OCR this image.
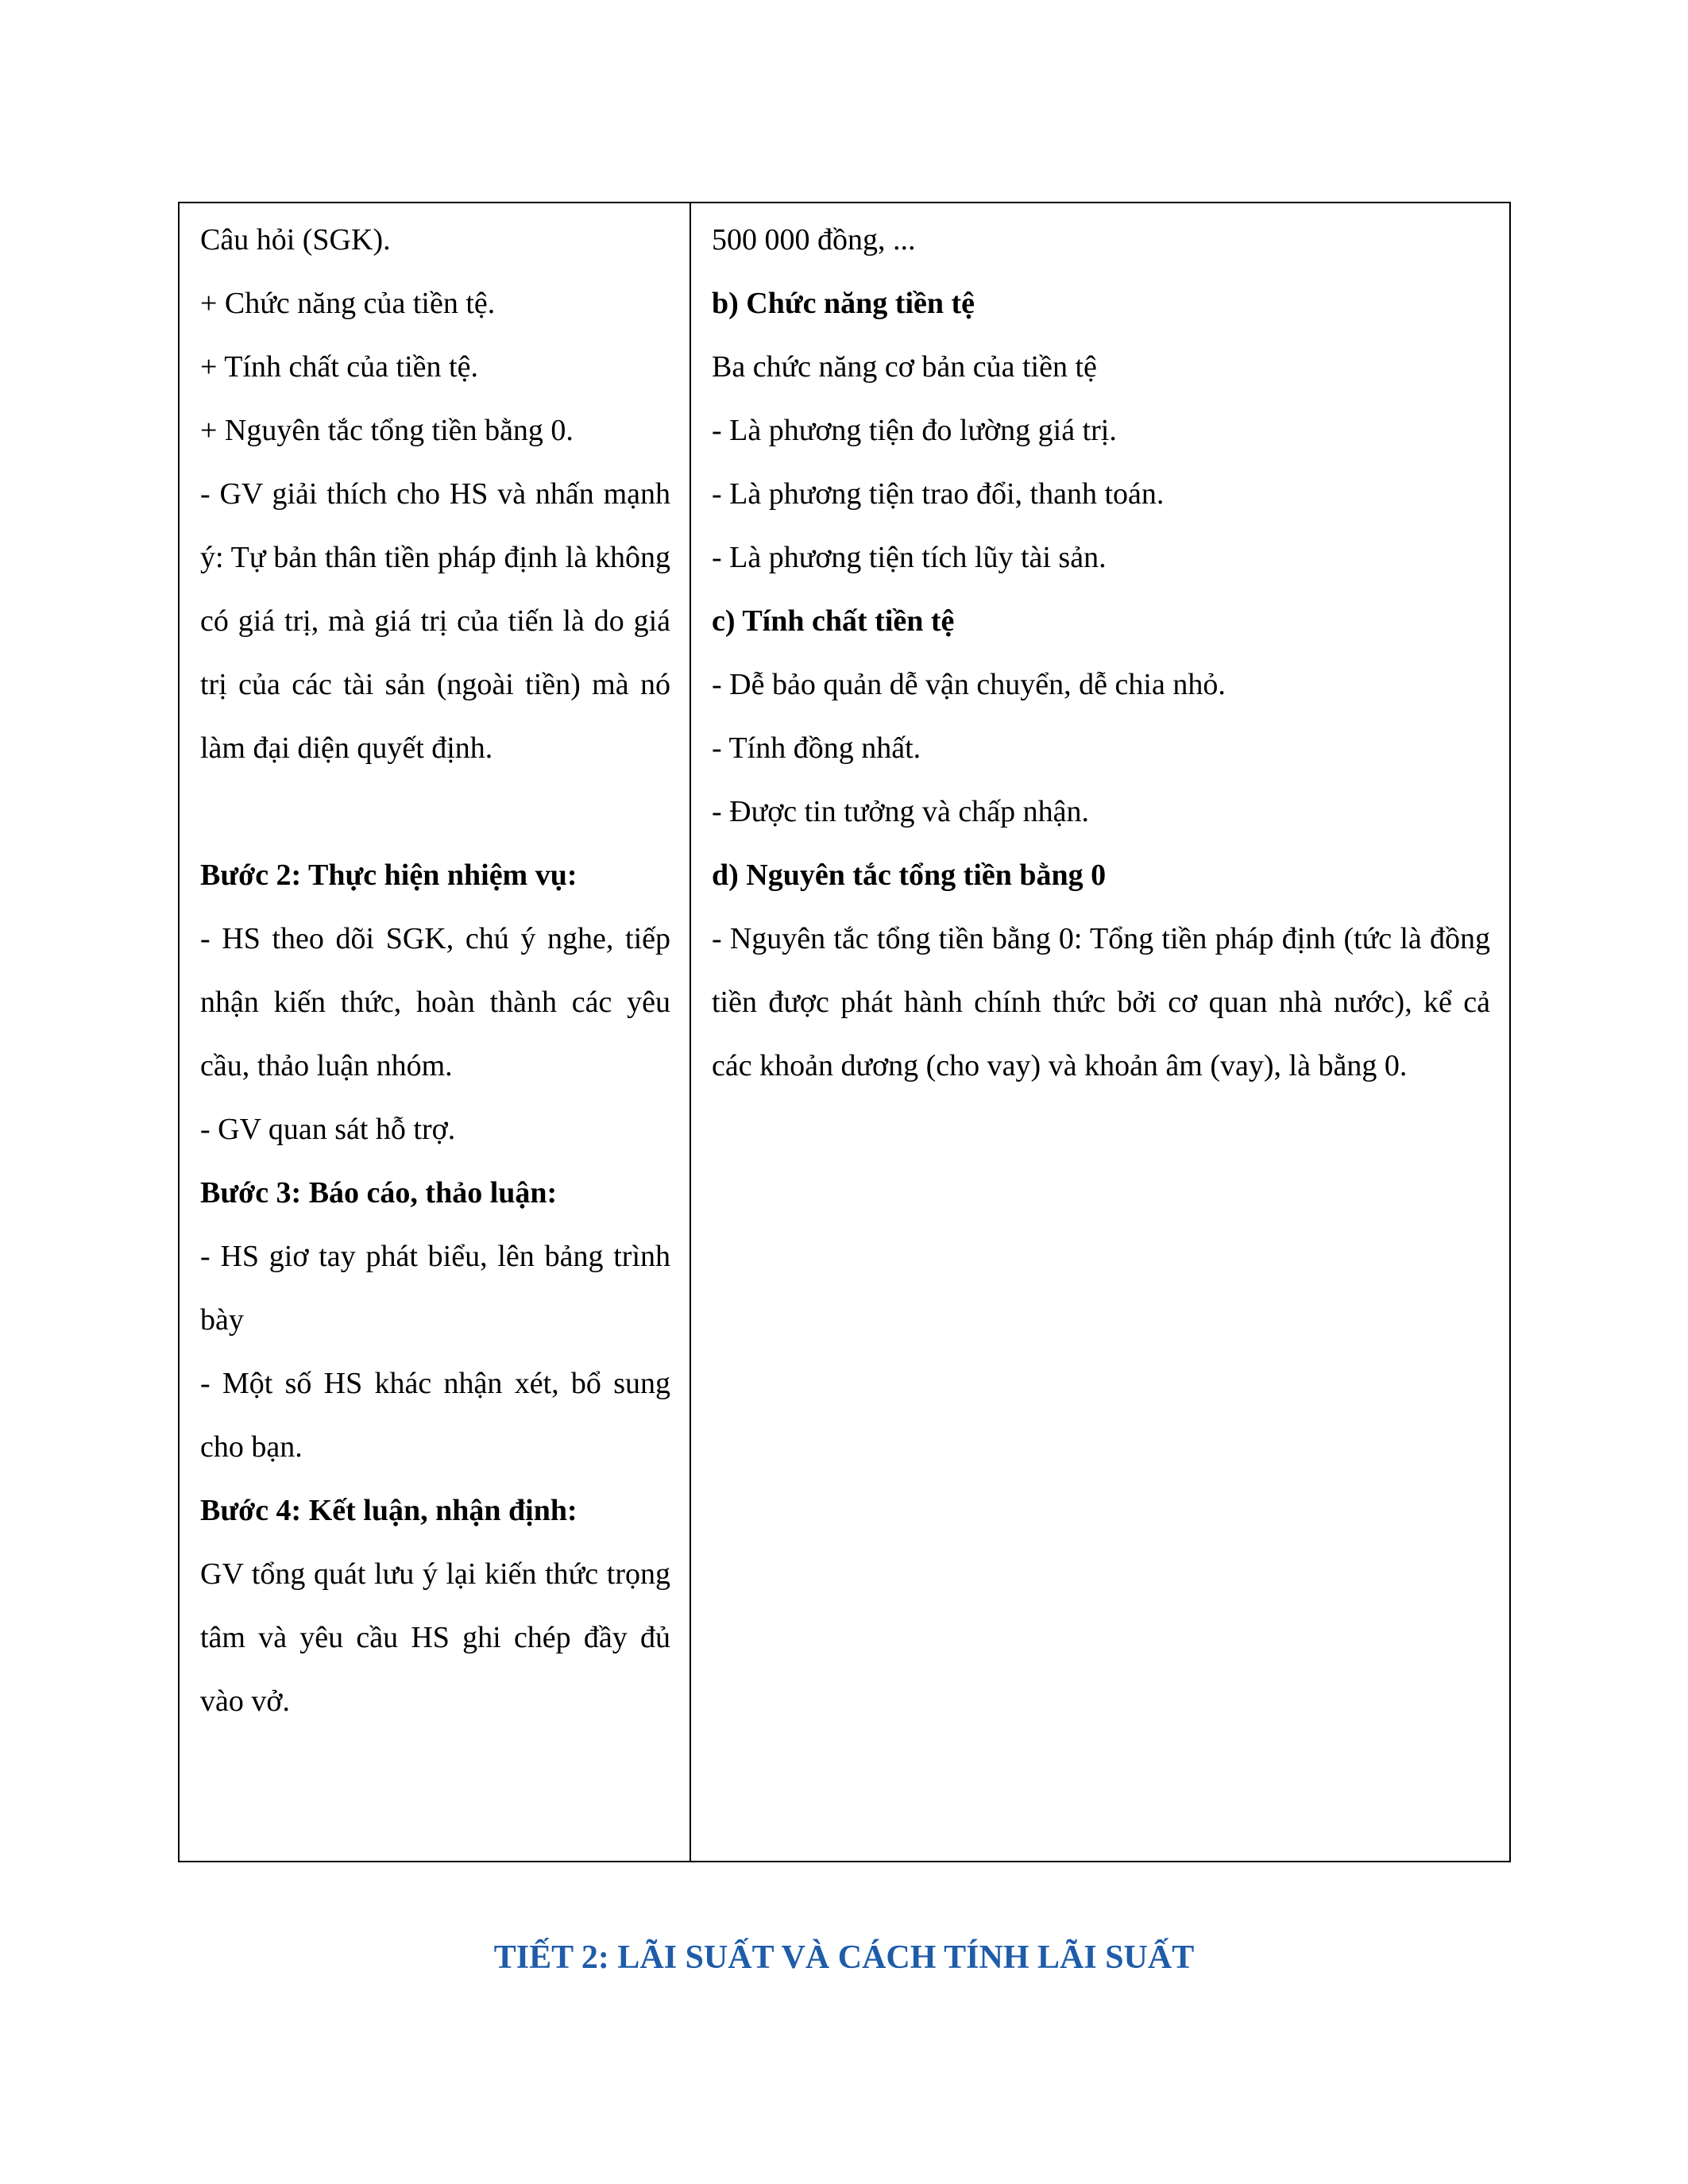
Câu hỏi (SGK).

+ Chức năng của tiền tệ.

+ Tính chất của tiền tệ.

+ Nguyên tắc tổng tiền bằng 0.

- GV giải thích cho HS và nhấn mạnh ý: Tự bản thân tiền pháp định là không có giá trị, mà giá trị của tiến là do giá trị của các tài sản (ngoài tiền) mà nó làm đại diện quyết định.

Bước 2: Thực hiện nhiệm vụ:

- HS theo dõi SGK, chú ý nghe, tiếp nhận kiến thức, hoàn thành các yêu cầu, thảo luận nhóm.

- GV quan sát hỗ trợ.

Bước 3: Báo cáo, thảo luận:

- HS giơ tay phát biểu, lên bảng trình bày

- Một số HS khác nhận xét, bổ sung cho bạn.

Bước 4: Kết luận, nhận định:

GV tổng quát lưu ý lại kiến thức trọng tâm và yêu cầu HS ghi chép đầy đủ vào vở.

500 000 đồng, ...

b) Chức năng tiền tệ

Ba chức năng cơ bản của tiền tệ

- Là phương tiện đo lường giá trị.

- Là phương tiện trao đổi, thanh toán.

- Là phương tiện tích lũy tài sản.

c) Tính chất tiền tệ

- Dễ bảo quản dễ vận chuyển, dễ chia nhỏ.

- Tính đồng nhất.

- Được tin tưởng và chấp nhận.

d) Nguyên tắc tổng tiền bằng 0

- Nguyên tắc tổng tiền bằng 0: Tổng tiền pháp định (tức là đồng tiền được phát hành chính thức bởi cơ quan nhà nước), kể cả các khoản dương (cho vay) và khoản âm (vay), là bằng 0.

TIẾT 2: LÃI SUẤT VÀ CÁCH TÍNH LÃI SUẤT
